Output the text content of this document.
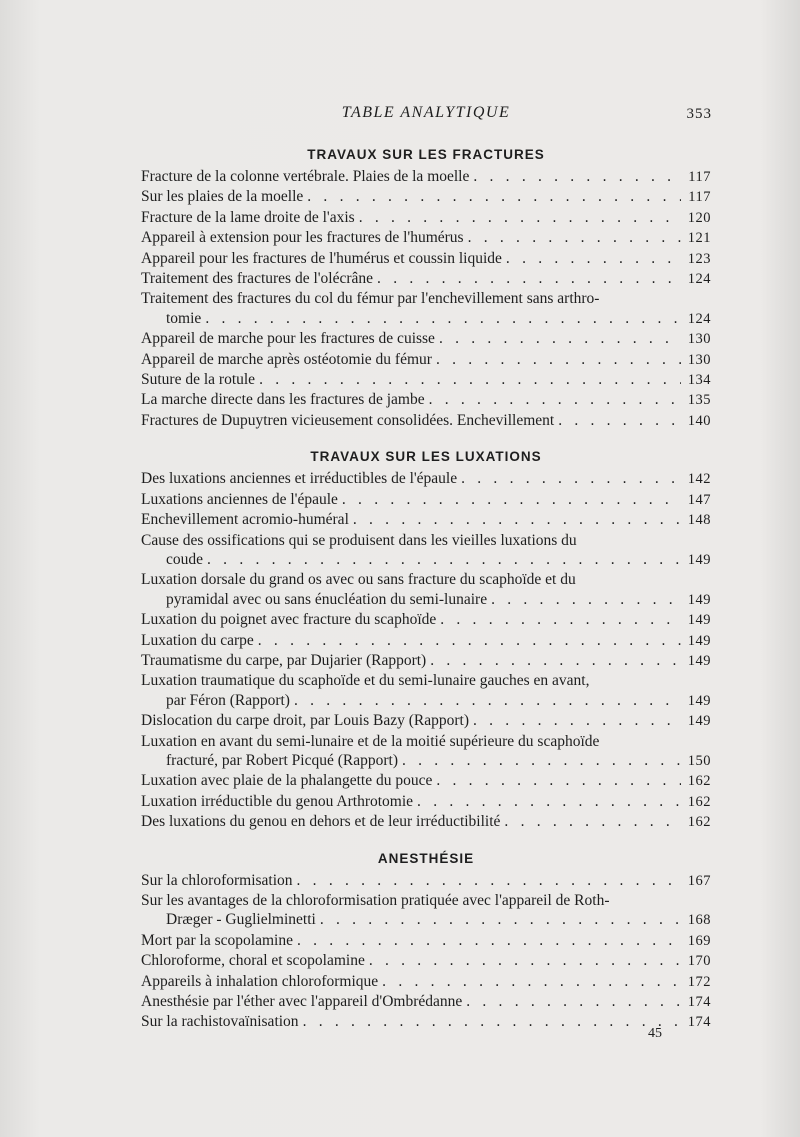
TABLE ANALYTIQUE	353
TRAVAUX SUR LES FRACTURES
Fracture de la colonne vertébrale. Plaies de la moelle . . .	117
Sur les plaies de la moelle . . .	117
Fracture de la lame droite de l'axis . . .	120
Appareil à extension pour les fractures de l'humérus . . .	121
Appareil pour les fractures de l'humérus et coussin liquide . . .	123
Traitement des fractures de l'olécrâne . . .	124
Traitement des fractures du col du fémur par l'enchevillement sans arthro-
tomie . . .	124
Appareil de marche pour les fractures de cuisse . . .	130
Appareil de marche après ostéotomie du fémur . . .	130
Suture de la rotule . . .	134
La marche directe dans les fractures de jambe . . .	135
Fractures de Dupuytren vicieusement consolidées. Enchevillement . . .	140
TRAVAUX SUR LES LUXATIONS
Des luxations anciennes et irréductibles de l'épaule . . .	142
Luxations anciennes de l'épaule . . .	147
Enchevillement acromio-huméral . . .	148
Cause des ossifications qui se produisent dans les vieilles luxations du
coude . . .	149
Luxation dorsale du grand os avec ou sans fracture du scaphoïde et du
pyramidal avec ou sans énucléation du semi-lunaire . . .	149
Luxation du poignet avec fracture du scaphoïde . . .	149
Luxation du carpe . . .	149
Traumatisme du carpe, par Dujarier (Rapport) . . .	149
Luxation traumatique du scaphoïde et du semi-lunaire gauches en avant,
par Féron (Rapport) . . .	149
Dislocation du carpe droit, par Louis Bazy (Rapport) . . .	149
Luxation en avant du semi-lunaire et de la moitié supérieure du scaphoïde
fracturé, par Robert Picqué (Rapport) . . .	150
Luxation avec plaie de la phalangette du pouce . . .	162
Luxation irréductible du genou Arthrotomie . . .	162
Des luxations du genou en dehors et de leur irréductibilité . . .	162
ANESTHÉSIE
Sur la chloroformisation . . .	167
Sur les avantages de la chloroformisation pratiquée avec l'appareil de Roth-
Dræger - Guglielminetti . . .	168
Mort par la scopolamine . . .	169
Chloroforme, choral et scopolamine . . .	170
Appareils à inhalation chloroformique . . .	172
Anesthésie par l'éther avec l'appareil d'Ombrédanne . . .	174
Sur la rachistovaïnisation . . .	174
45
